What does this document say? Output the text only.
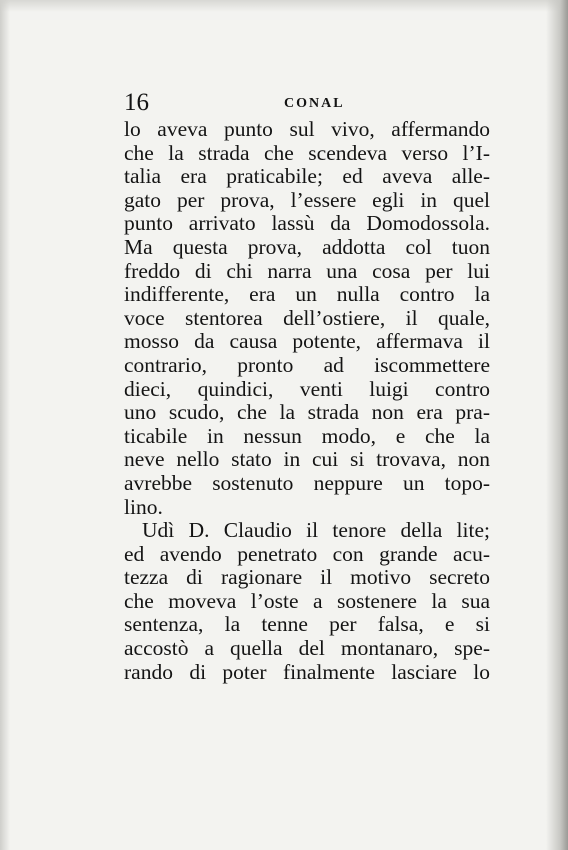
16	CONAL
lo aveva punto sul vivo, affermando
che la strada che scendeva verso l’I-
talia era praticabile; ed aveva alle-
gato per prova, l’essere egli in quel
punto arrivato lassù da Domodossola.
Ma questa prova, addotta col tuon
freddo di chi narra una cosa per lui
indifferente, era un nulla contro la
voce stentorea dell’ostiere, il quale,
mosso da causa potente, affermava il
contrario, pronto ad iscommettere
dieci, quindici, venti luigi contro
uno scudo, che la strada non era pra-
ticabile in nessun modo, e che la
neve nello stato in cui si trovava, non
avrebbe sostenuto neppure un topo-
lino.
Udì D. Claudio il tenore della lite;
ed avendo penetrato con grande acu-
tezza di ragionare il motivo secreto
che moveva l’oste a sostenere la sua
sentenza, la tenne per falsa, e si
accostò a quella del montanaro, spe-
rando di poter finalmente lasciare lo
